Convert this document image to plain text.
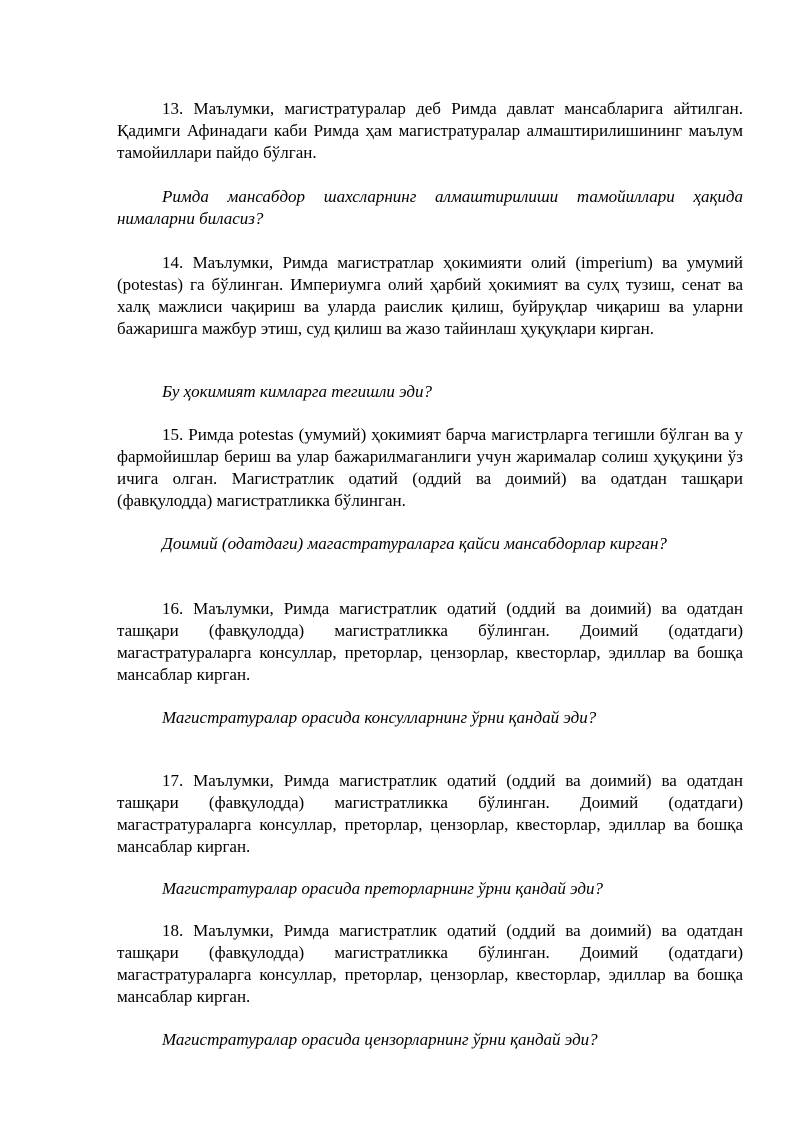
13. Маълумки, магистратуралар деб Римда давлат мансабларига айтилган. Қадимги Афинадаги каби Римда ҳам магистратуралар алмаштирилишининг маълум тамойиллари пайдо бўлган.

Римда мансабдор шахсларнинг алмаштирилиши тамойиллари ҳақида нималарни биласиз?

14. Маълумки, Римда магистратлар ҳокимияти олий (imperium) ва умумий (potestas) га бўлинган. Империумга олий ҳарбий ҳокимият ва сулҳ тузиш, сенат ва халқ мажлиси чақириш ва уларда раислик қилиш, буйруқлар чиқариш ва уларни бажаришга мажбур этиш, суд қилиш ва жазо тайинлаш ҳуқуқлари кирган.

Бу ҳокимият кимларга тегишли эди?

15. Римда potestas (умумий) ҳокимият барча магистрларга тегишли бўлган ва у фармойишлар бериш ва улар бажарилмаганлиги учун жарималар солиш ҳуқуқини ўз ичига олган. Магистратлик одатий (оддий ва доимий) ва одатдан ташқари (фавқулодда) магистратликка бўлинган.

Доимий (одатдаги) магастратураларга қайси мансабдорлар кирган?

16. Маълумки, Римда магистратлик одатий (оддий ва доимий) ва одатдан ташқари (фавқулодда) магистратликка бўлинган. Доимий (одатдаги) магастратураларга консуллар, преторлар, цензорлар, квесторлар, эдиллар ва бошқа мансаблар кирган.

Магистратуралар орасида консулларнинг ўрни қандай эди?

17. Маълумки, Римда магистратлик одатий (оддий ва доимий) ва одатдан ташқари (фавқулодда) магистратликка бўлинган. Доимий (одатдаги) магастратураларга консуллар, преторлар, цензорлар, квесторлар, эдиллар ва бошқа мансаблар кирган.

Магистратуралар орасида преторларнинг ўрни қандай эди?

18. Маълумки, Римда магистратлик одатий (оддий ва доимий) ва одатдан ташқари (фавқулодда) магистратликка бўлинган. Доимий (одатдаги) магастратураларга консуллар, преторлар, цензорлар, квесторлар, эдиллар ва бошқа мансаблар кирган.

Магистратуралар орасида цензорларнинг ўрни қандай эди?
